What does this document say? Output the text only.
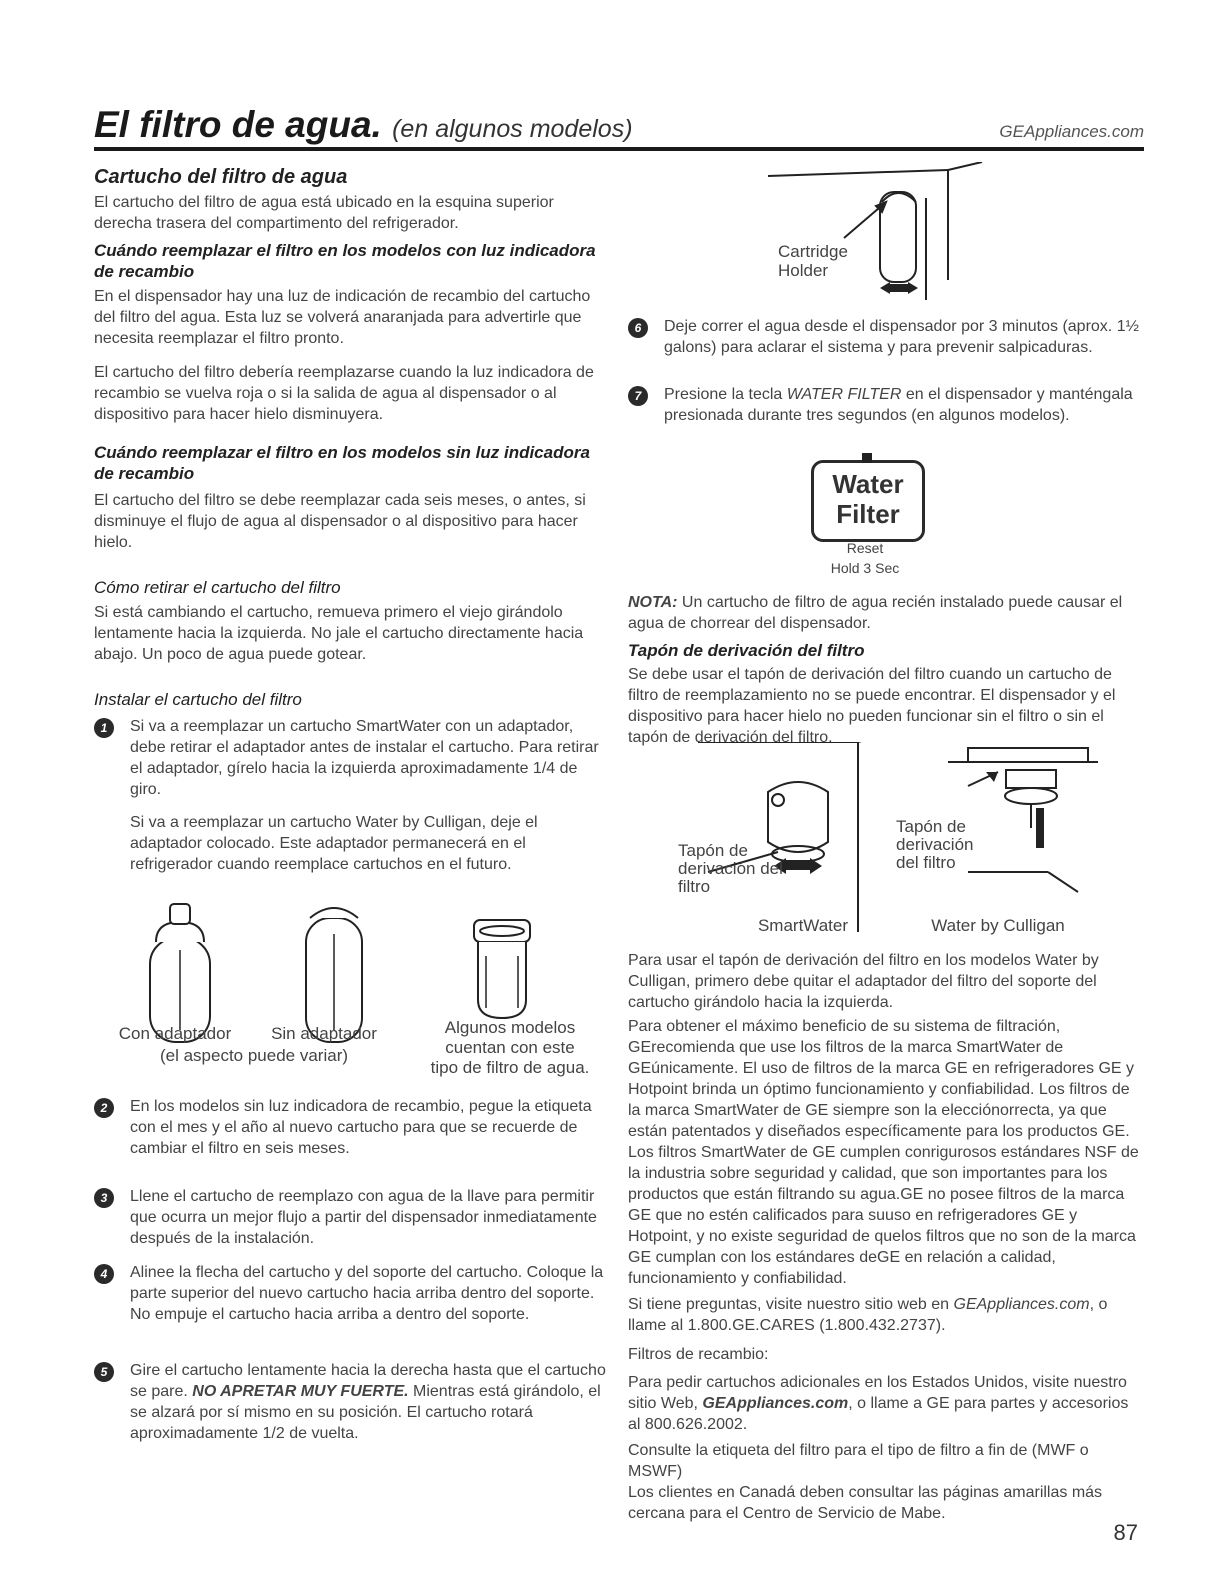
El filtro de agua. (en algunos modelos)	GEAppliances.com
Cartucho del filtro de agua

El cartucho del filtro de agua está ubicado en la esquina superior derecha trasera del compartimento del refrigerador.

Cuándo reemplazar el filtro en los modelos con luz indicadora de recambio

En el dispensador hay una luz de indicación de recambio del cartucho del filtro del agua. Esta luz se volverá anaranjada para advertirle que necesita reemplazar el filtro pronto.

El cartucho del filtro debería reemplazarse cuando la luz indicadora de recambio se vuelva roja o si la salida de agua al dispensador o al dispositivo para hacer hielo disminuyera.

Cuándo reemplazar el filtro en los modelos sin luz indicadora de recambio

El cartucho del filtro se debe reemplazar cada seis meses, o antes, si disminuye el flujo de agua al dispensador o al dispositivo para hacer hielo.

Cómo retirar el cartucho del filtro

Si está cambiando el cartucho, remueva primero el viejo girándolo lentamente hacia la izquierda. No jale el cartucho directamente hacia abajo. Un poco de agua puede gotear.

Instalar el cartucho del filtro
1	Si va a reemplazar un cartucho SmartWater con un adaptador, debe retirar el adaptador antes de instalar el cartucho. Para retirar el adaptador, gírelo hacia la izquierda aproximadamente 1/4 de giro.

Si va a reemplazar un cartucho Water by Culligan, deje el adaptador colocado. Este adaptador permanecerá en el refrigerador cuando reemplace cartuchos en el futuro.

Con adaptador	Sin adaptador
(el aspecto puede variar)
Algunos modelos cuentan con este tipo de filtro de agua.
2	En los modelos sin luz indicadora de recambio, pegue la etiqueta con el mes y el año al nuevo cartucho para que se recuerde de cambiar el filtro en seis meses.

3	Llene el cartucho de reemplazo con agua de la llave para permitir que ocurra un mejor flujo a partir del dispensador inmediatamente después de la instalación.

4	Alinee la flecha del cartucho y del soporte del cartucho. Coloque la parte superior del nuevo cartucho hacia arriba dentro del soporte. No empuje el cartucho hacia arriba a dentro del soporte.

5	Gire el cartucho lentamente hacia la derecha hasta que el cartucho se pare. NO APRETAR MUY FUERTE. Mientras está girándolo, el se alzará por sí mismo en su posición. El cartucho rotará aproximadamente 1/2 de vuelta.

Cartridge Holder
6	Deje correr el agua desde el dispensador por 3 minutos (aprox. 1½ galons) para aclarar el sistema y para prevenir salpicaduras.

7	Presione la tecla WATER FILTER en el dispensador y manténgala presionada durante tres segundos (en algunos modelos).

Water
Filter
Reset
Hold 3 Sec

NOTA: Un cartucho de filtro de agua recién instalado puede causar el agua de chorrear del dispensador.

Tapón de derivación del filtro

Se debe usar el tapón de derivación del filtro cuando un cartucho de filtro de reemplazamiento no se puede encontrar. El dispensador y el dispositivo para hacer hielo no pueden funcionar sin el filtro o sin el tapón de derivación del filtro.

Tapón de derivación del filtro
Tapón de derivación del filtro
SmartWater	Water by Culligan

Para usar el tapón de derivación del filtro en los modelos Water by Culligan, primero debe quitar el adaptador del filtro del soporte del cartucho girándolo hacia la izquierda.

Para obtener el máximo beneficio de su sistema de filtración, GErecomienda que use los filtros de la marca SmartWater de GEúnicamente. El uso de filtros de la marca GE en refrigeradores GE y Hotpoint brinda un óptimo funcionamiento y confiabilidad. Los filtros de la marca SmartWater de GE siempre son la elecciónorrecta, ya que están patentados y diseñados específicamente para los productos GE. Los filtros SmartWater de GE cumplen conrigurosos estándares NSF de la industria sobre seguridad y calidad, que son importantes para los productos que están filtrando su agua.GE no posee filtros de la marca GE que no estén calificados para suuso en refrigeradores GE y Hotpoint, y no existe seguridad de quelos filtros que no son de la marca GE cumplan con los estándares deGE en relación a calidad, funcionamiento y confiabilidad.

Si tiene preguntas, visite nuestro sitio web en GEAppliances.com, o llame al 1.800.GE.CARES (1.800.432.2737).

Filtros de recambio:

Para pedir cartuchos adicionales en los Estados Unidos, visite nuestro sitio Web, GEAppliances.com, o llame a GE para partes y accesorios al 800.626.2002.

Consulte la etiqueta del filtro para el tipo de filtro a fin de (MWF o MSWF)

Los clientes en Canadá deben consultar las páginas amarillas más cercana para el Centro de Servicio de Mabe.

87
